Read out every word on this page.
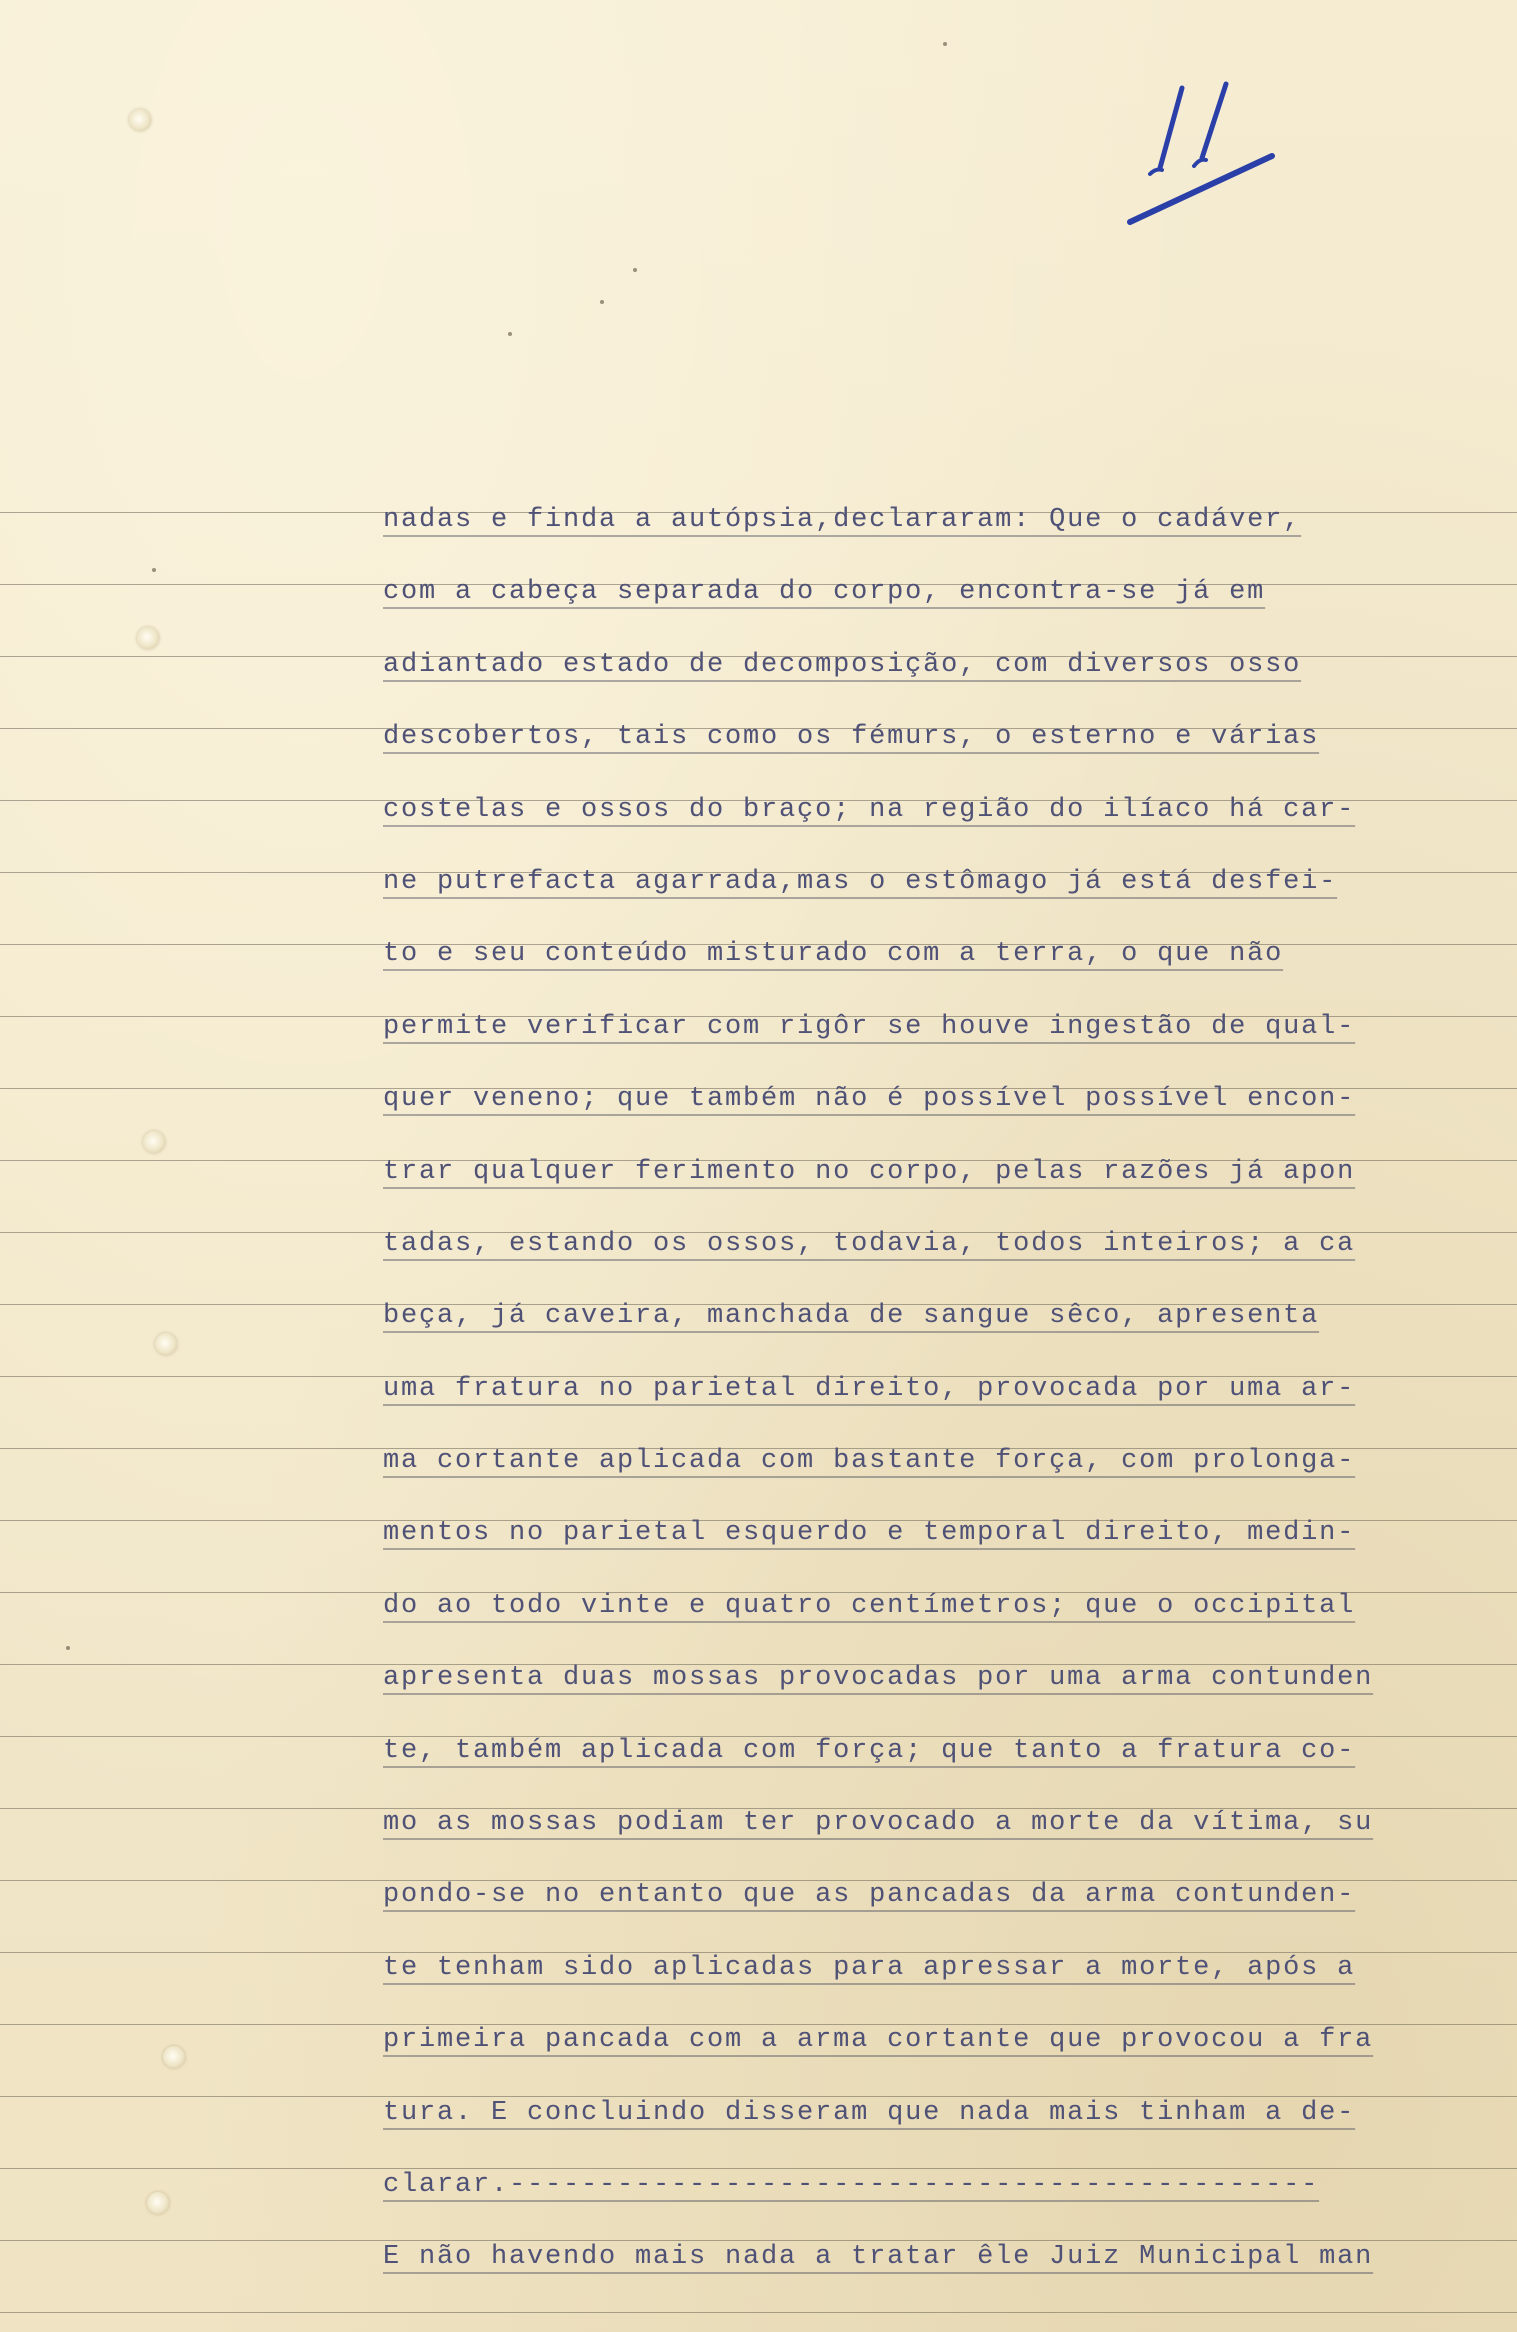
nadas e finda a autópsia,declararam: Que o cadáver,
com a cabeça separada do corpo, encontra-se já em
adiantado estado de decomposição, com diversos osso
descobertos, tais como os fémurs, o esterno e várias
costelas e ossos do braço; na região do ilíaco há car-
ne putrefacta agarrada,mas o estômago já está desfei-
to e seu conteúdo misturado com a terra, o que não
permite verificar com rigôr se houve ingestão de qual-
quer veneno; que também não é possível possível encon-
trar qualquer ferimento no corpo, pelas razões já apon
tadas, estando os ossos, todavia, todos inteiros; a ca
beça, já caveira, manchada de sangue sêco, apresenta
uma fratura no parietal direito, provocada por uma ar-
ma cortante aplicada com bastante força, com prolonga-
mentos no parietal esquerdo e temporal direito, medin-
do ao todo vinte e quatro centímetros; que o occipital
apresenta duas mossas provocadas por uma arma contunden
te, também aplicada com força; que tanto a fratura co-
mo as mossas podiam ter provocado a morte da vítima, su
pondo-se no entanto que as pancadas da arma contunden-
te tenham sido aplicadas para apressar a morte, após a
primeira pancada com a arma cortante que provocou a fra
tura. E concluindo disseram que nada mais tinham a de-
clarar.---------------------------------------------
E não havendo mais nada a tratar êle Juiz Municipal man
